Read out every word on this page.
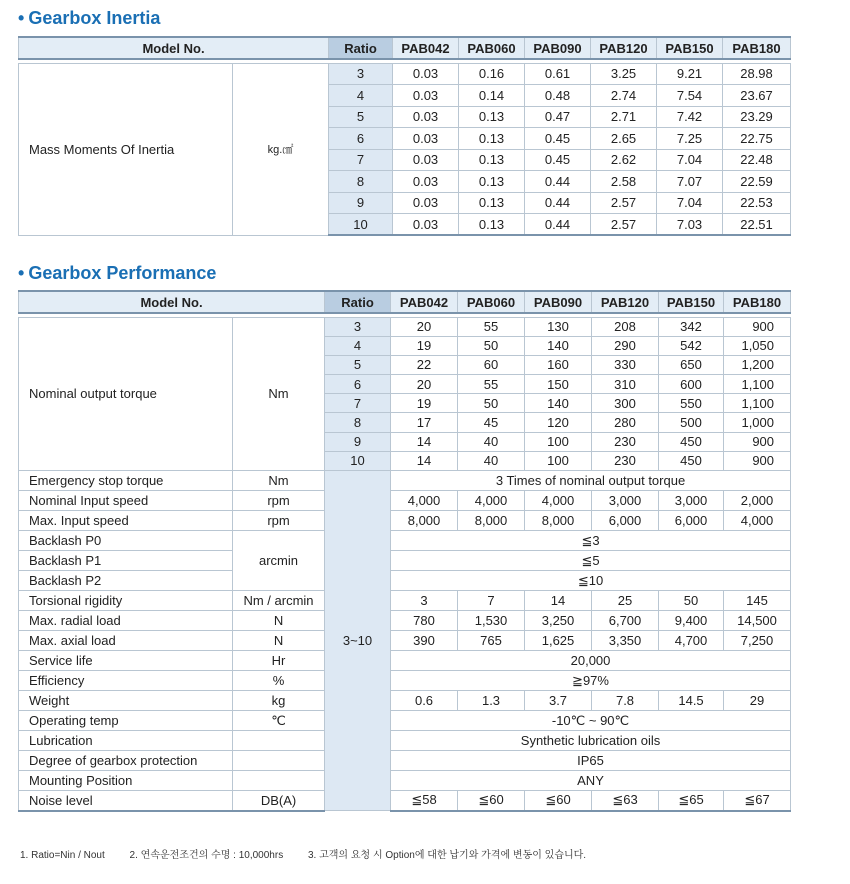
• Gearbox Inertia
Model No.		Ratio	PAB042	PAB060	PAB090	PAB120	PAB150	PAB180

Mass Moments Of Inertia	kg.㎠	3	0.03	0.16	0.61	3.25	9.21	28.98
		4	0.03	0.14	0.48	2.74	7.54	23.67
		5	0.03	0.13	0.47	2.71	7.42	23.29
		6	0.03	0.13	0.45	2.65	7.25	22.75
		7	0.03	0.13	0.45	2.62	7.04	22.48
		8	0.03	0.13	0.44	2.58	7.07	22.59
		9	0.03	0.13	0.44	2.57	7.04	22.53
		10	0.03	0.13	0.44	2.57	7.03	22.51
• Gearbox Performance
Model No.		Ratio	PAB042	PAB060	PAB090	PAB120	PAB150	PAB180

Nominal output torque	Nm	3	20	55	130	208	342	900
		4	19	50	140	290	542	1,050
		5	22	60	160	330	650	1,200
		6	20	55	150	310	600	1,100
		7	19	50	140	300	550	1,100
		8	17	45	120	280	500	1,000
		9	14	40	100	230	450	900
		10	14	40	100	230	450	900
Emergency stop torque	Nm	3~10	3 Times of nominal output torque					
Nominal Input speed	rpm		4,000	4,000	4,000	3,000	3,000	2,000
Max. Input speed	rpm		8,000	8,000	8,000	6,000	6,000	4,000
Backlash P0	arcmin		≦3					
Backlash P1			≦5					
Backlash P2			≦10					
Torsional rigidity	Nm / arcmin		3	7	14	25	50	145
Max. radial load	N		780	1,530	3,250	6,700	9,400	14,500
Max. axial load	N		390	765	1,625	3,350	4,700	7,250
Service life	Hr		20,000					
Efficiency	%		≧97%					
Weight	kg		0.6	1.3	3.7	7.8	14.5	29
Operating temp	℃		-10℃ ~ 90℃					
Lubrication			Synthetic lubrication oils					
Degree of gearbox protection			IP65					
Mounting Position			ANY					
Noise level	DB(A)		≦58	≦60	≦60	≦63	≦65	≦67
1. Ratio=Nin / Nout 2. 연속운전조건의 수명 : 10,000hrs 3. 고객의 요청 시 Option에 대한 납기와 가격에 변동이 있습니다.
